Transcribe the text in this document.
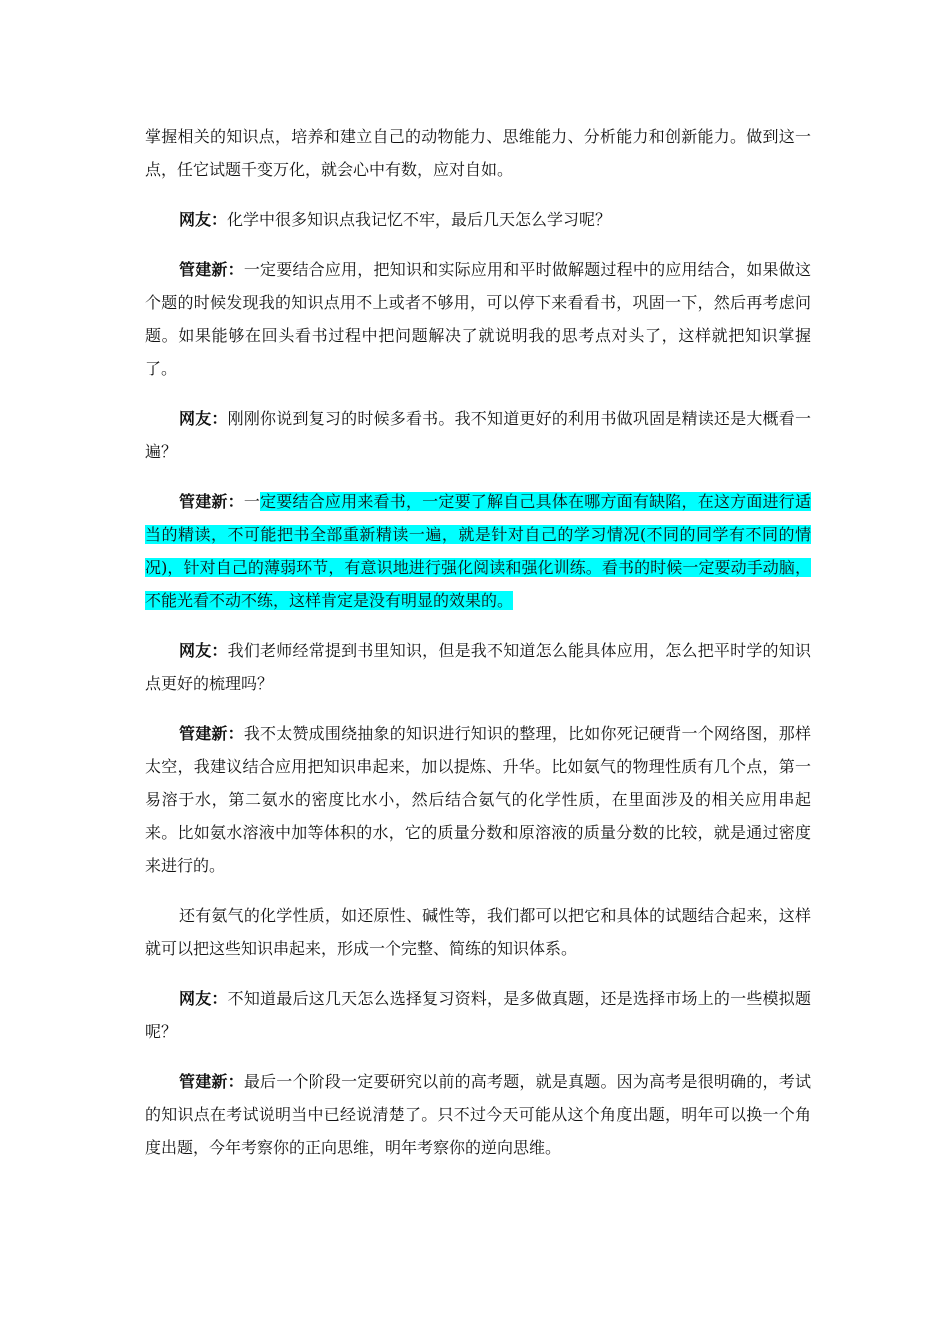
掌握相关的知识点，培养和建立自己的动物能力、思维能力、分析能力和创新能力。做到这一点，任它试题千变万化，就会心中有数，应对自如。

网友：化学中很多知识点我记忆不牢，最后几天怎么学习呢？

管建新：一定要结合应用，把知识和实际应用和平时做解题过程中的应用结合，如果做这个题的时候发现我的知识点用不上或者不够用，可以停下来看看书，巩固一下，然后再考虑问题。如果能够在回头看书过程中把问题解决了就说明我的思考点对头了，这样就把知识掌握了。

网友：刚刚你说到复习的时候多看书。我不知道更好的利用书做巩固是精读还是大概看一遍？

管建新：一定要结合应用来看书，一定要了解自己具体在哪方面有缺陷，在这方面进行适当的精读，不可能把书全部重新精读一遍，就是针对自己的学习情况(不同的同学有不同的情况)，针对自己的薄弱环节，有意识地进行强化阅读和强化训练。看书的时候一定要动手动脑，不能光看不动不练，这样肯定是没有明显的效果的。

网友：我们老师经常提到书里知识，但是我不知道怎么能具体应用，怎么把平时学的知识点更好的梳理吗？

管建新：我不太赞成围绕抽象的知识进行知识的整理，比如你死记硬背一个网络图，那样太空，我建议结合应用把知识串起来，加以提炼、升华。比如氨气的物理性质有几个点，第一易溶于水，第二氨水的密度比水小，然后结合氨气的化学性质，在里面涉及的相关应用串起来。比如氨水溶液中加等体积的水，它的质量分数和原溶液的质量分数的比较，就是通过密度来进行的。

还有氨气的化学性质，如还原性、碱性等，我们都可以把它和具体的试题结合起来，这样就可以把这些知识串起来，形成一个完整、简练的知识体系。

网友：不知道最后这几天怎么选择复习资料，是多做真题，还是选择市场上的一些模拟题呢？

管建新：最后一个阶段一定要研究以前的高考题，就是真题。因为高考是很明确的，考试的知识点在考试说明当中已经说清楚了。只不过今天可能从这个角度出题，明年可以换一个角度出题，今年考察你的正向思维，明年考察你的逆向思维。
